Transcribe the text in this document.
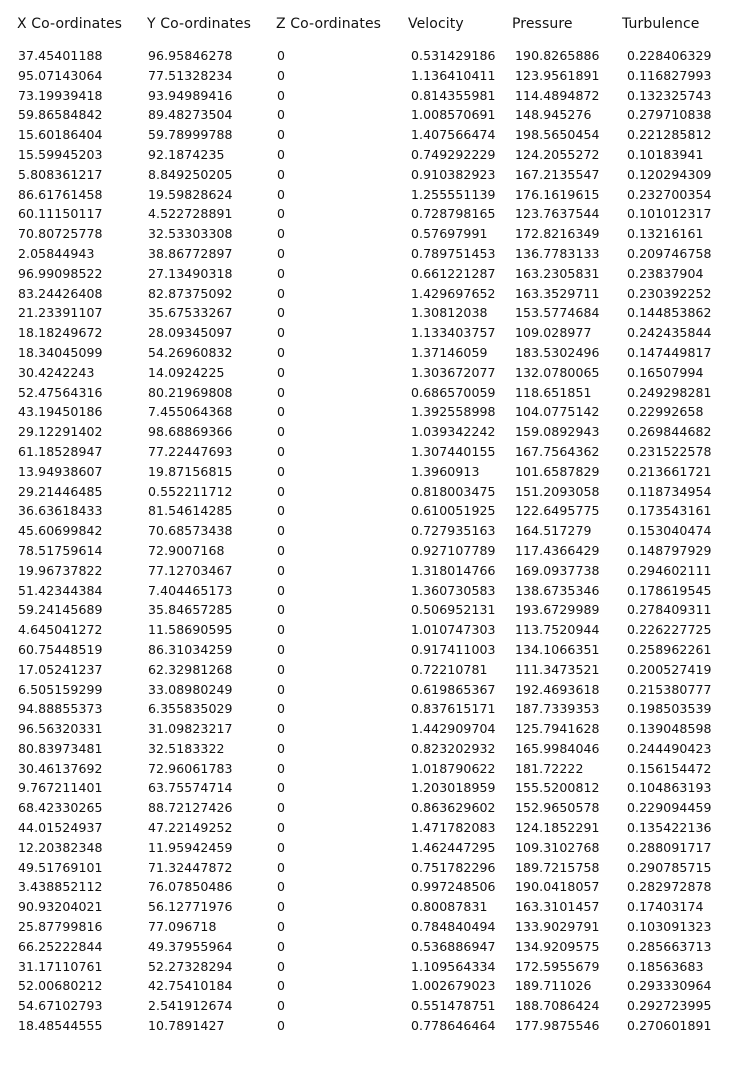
X Co-ordinates Y Co-ordinates Z Co-ordinates Velocity	Pressure	Turbulence
37.45401188	96.95846278	0	0.531429186 190.8265886 0.228406329
95.07143064	77.51328234	0	1.136410411 123.9561891 0.116827993
73.19939418	93.94989416	0	0.814355981 114.4894872 0.132325743
59.86584842	89.48273504	0	1.008570691 148.945276	0.279710838
15.60186404	59.78999788	0	1.407566474 198.5650454 0.221285812
15.59945203	92.1874235	0	0.749292229 124.2055272 0.10183941
5.808361217	8.849250205	0	0.910382923 167.2135547 0.120294309
86.61761458	19.59828624	0	1.255551139 176.1619615 0.232700354
60.11150117	4.522728891	0	0.728798165 123.7637544 0.101012317
70.80725778	32.53303308	0	0.57697991 172.8216349 0.13216161
2.05844943	38.86772897	0	0.789751453 136.7783133 0.209746758
96.99098522	27.13490318	0	0.661221287 163.2305831 0.23837904
83.24426408	82.87375092	0	1.429697652 163.3529711 0.230392252
21.23391107	35.67533267	0	1.30812038 153.5774684 0.144853862
18.18249672	28.09345097	0	1.133403757 109.028977	0.242435844
18.34045099	54.26960832	0	1.37146059 183.5302496 0.147449817
30.4242243	14.0924225	0	1.303672077 132.0780065 0.16507994
52.47564316	80.21969808	0	0.686570059 118.651851	0.249298281
43.19450186	7.455064368	0	1.392558998 104.0775142 0.22992658
29.12291402	98.68869366	0	1.039342242 159.0892943 0.269844682
61.18528947	77.22447693	0	1.307440155 167.7564362 0.231522578
13.94938607	19.87156815	0	1.3960913	101.6587829 0.213661721
29.21446485	0.552211712	0	0.818003475 151.2093058 0.118734954
36.63618433	81.54614285	0	0.610051925 122.6495775 0.173543161
45.60699842	70.68573438	0	0.727935163 164.517279	0.153040474
78.51759614	72.9007168	0	0.927107789 117.4366429 0.148797929
19.96737822	77.12703467	0	1.318014766 169.0937738 0.294602111
51.42344384	7.404465173	0	1.360730583 138.6735346 0.178619545
59.24145689	35.84657285	0	0.506952131 193.6729989 0.278409311
4.645041272	11.58690595	0	1.010747303 113.7520944 0.226227725
60.75448519	86.31034259	0	0.917411003 134.1066351 0.258962261
17.05241237	62.32981268	0	0.72210781 111.3473521 0.200527419
6.505159299	33.08980249	0	0.619865367 192.4693618 0.215380777
94.88855373	6.355835029	0	0.837615171 187.7339353 0.198503539
96.56320331	31.09823217	0	1.442909704 125.7941628 0.139048598
80.83973481	32.5183322	0	0.823202932 165.9984046 0.244490423
30.46137692	72.96061783	0	1.018790622 181.72222	0.156154472
9.767211401	63.75574714	0	1.203018959 155.5200812 0.104863193
68.42330265	88.72127426	0	0.863629602 152.9650578 0.229094459
44.01524937	47.22149252	0	1.471782083 124.1852291 0.135422136
12.20382348	11.95942459	0	1.462447295 109.3102768 0.288091717
49.51769101	71.32447872	0	0.751782296 189.7215758 0.290785715
3.438852112	76.07850486	0	0.997248506 190.0418057 0.282972878
90.93204021	56.12771976	0	0.80087831 163.3101457 0.17403174
25.87799816	77.096718	0	0.784840494 133.9029791 0.103091323
66.25222844	49.37955964	0	0.536886947 134.9209575 0.285663713
31.17110761	52.27328294	0	1.109564334 172.5955679 0.18563683
52.00680212	42.75410184	0	1.002679023 189.711026	0.293330964
54.67102793	2.541912674	0	0.551478751 188.7086424 0.292723995
18.48544555	10.7891427	0	0.778646464 177.9875546 0.270601891
